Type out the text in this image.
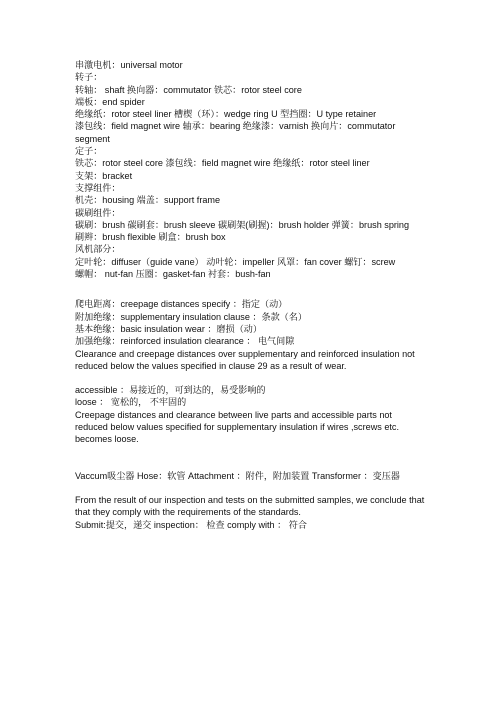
串激电机：universal motor
转子：
转轴： shaft 换向器：commutator 铁芯：rotor steel core
端板：end spider
绝缘纸：rotor steel liner 槽楔（环）：wedge ring U 型挡圈：U type retainer
漆包线：field magnet wire 轴承：bearing 绝缘漆：varnish 换向片：commutator segment
定子：
铁芯：rotor steel core 漆包线：field magnet wire 绝缘纸：rotor steel liner
支架：bracket
支撑组件：
机壳：housing 端盖：support frame
碳刷组件：
碳刷：brush 碳刷套：brush sleeve 碳刷架(刷握)：brush holder 弹簧：brush spring
刷辫：brush flexible 刷盒：brush box
风机部分：
定叶轮：diffuser（guide vane） 动叶轮：impeller 风罩：fan cover 螺钉：screw
螺帽： nut-fan 压圈：gasket-fan 衬套：bush-fan
爬电距离：creepage distances specify ：指定（动）
附加绝缘：supplementary insulation clause ：条款（名）
基本绝缘：basic insulation wear ：磨损（动）
加强绝缘：reinforced insulation clearance ： 电气间隙
Clearance and creepage distances over supplementary and reinforced insulation not reduced below the values specified in clause 29 as a result of wear.
accessible ：易接近的，可到达的，易受影响的
loose ： 宽松的， 不牢固的
Creepage distances and clearance between live parts and accessible parts not reduced below values specified for supplementary insulation if wires ,screws etc. becomes loose.
Vaccum吸尘器 Hose：软管 Attachment ：附件，附加装置 Transformer ：变压器
From the result of our inspection and tests on the submitted samples, we conclude that that they comply with the requirements of the standards.
Submit:提交，递交 inspection： 检查 comply with ： 符合
